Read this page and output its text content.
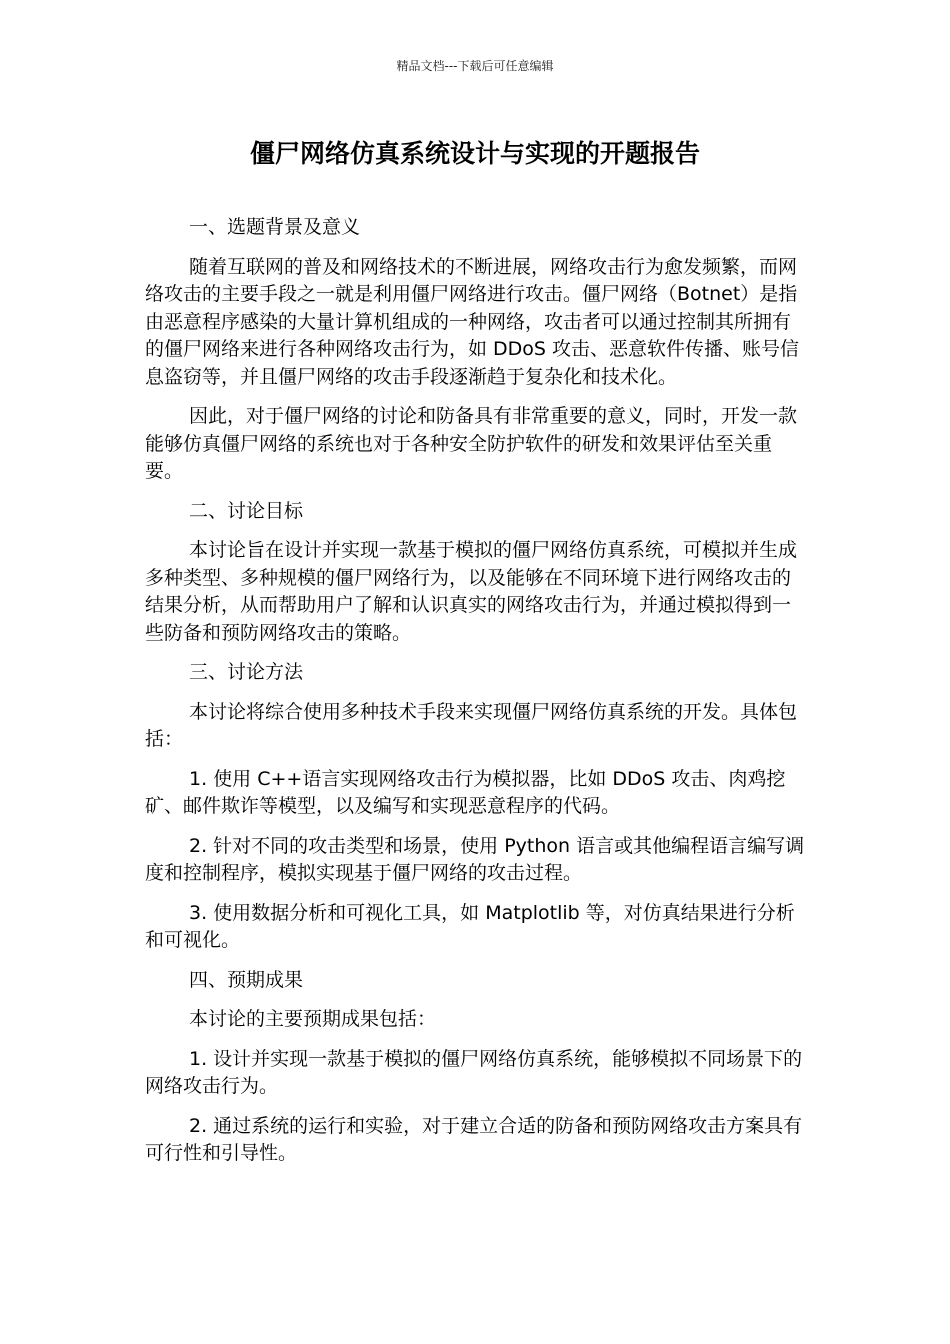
精品文档---下载后可任意编辑
僵尸网络仿真系统设计与实现的开题报告

一、选题背景及意义

随着互联网的普及和网络技术的不断进展，网络攻击行为愈发频繁，而网络攻击的主要手段之一就是利用僵尸网络进行攻击。僵尸网络（Botnet）是指由恶意程序感染的大量计算机组成的一种网络，攻击者可以通过控制其所拥有的僵尸网络来进行各种网络攻击行为，如 DDoS 攻击、恶意软件传播、账号信息盗窃等，并且僵尸网络的攻击手段逐渐趋于复杂化和技术化。

因此，对于僵尸网络的讨论和防备具有非常重要的意义，同时，开发一款能够仿真僵尸网络的系统也对于各种安全防护软件的研发和效果评估至关重要。

二、讨论目标

本讨论旨在设计并实现一款基于模拟的僵尸网络仿真系统，可模拟并生成多种类型、多种规模的僵尸网络行为，以及能够在不同环境下进行网络攻击的结果分析，从而帮助用户了解和认识真实的网络攻击行为，并通过模拟得到一些防备和预防网络攻击的策略。

三、讨论方法

本讨论将综合使用多种技术手段来实现僵尸网络仿真系统的开发。具体包括：

1. 使用 C++语言实现网络攻击行为模拟器，比如 DDoS 攻击、肉鸡挖矿、邮件欺诈等模型，以及编写和实现恶意程序的代码。

2. 针对不同的攻击类型和场景，使用 Python 语言或其他编程语言编写调度和控制程序，模拟实现基于僵尸网络的攻击过程。

3. 使用数据分析和可视化工具，如 Matplotlib 等，对仿真结果进行分析和可视化。

四、预期成果

本讨论的主要预期成果包括：

1. 设计并实现一款基于模拟的僵尸网络仿真系统，能够模拟不同场景下的网络攻击行为。

2. 通过系统的运行和实验，对于建立合适的防备和预防网络攻击方案具有可行性和引导性。
